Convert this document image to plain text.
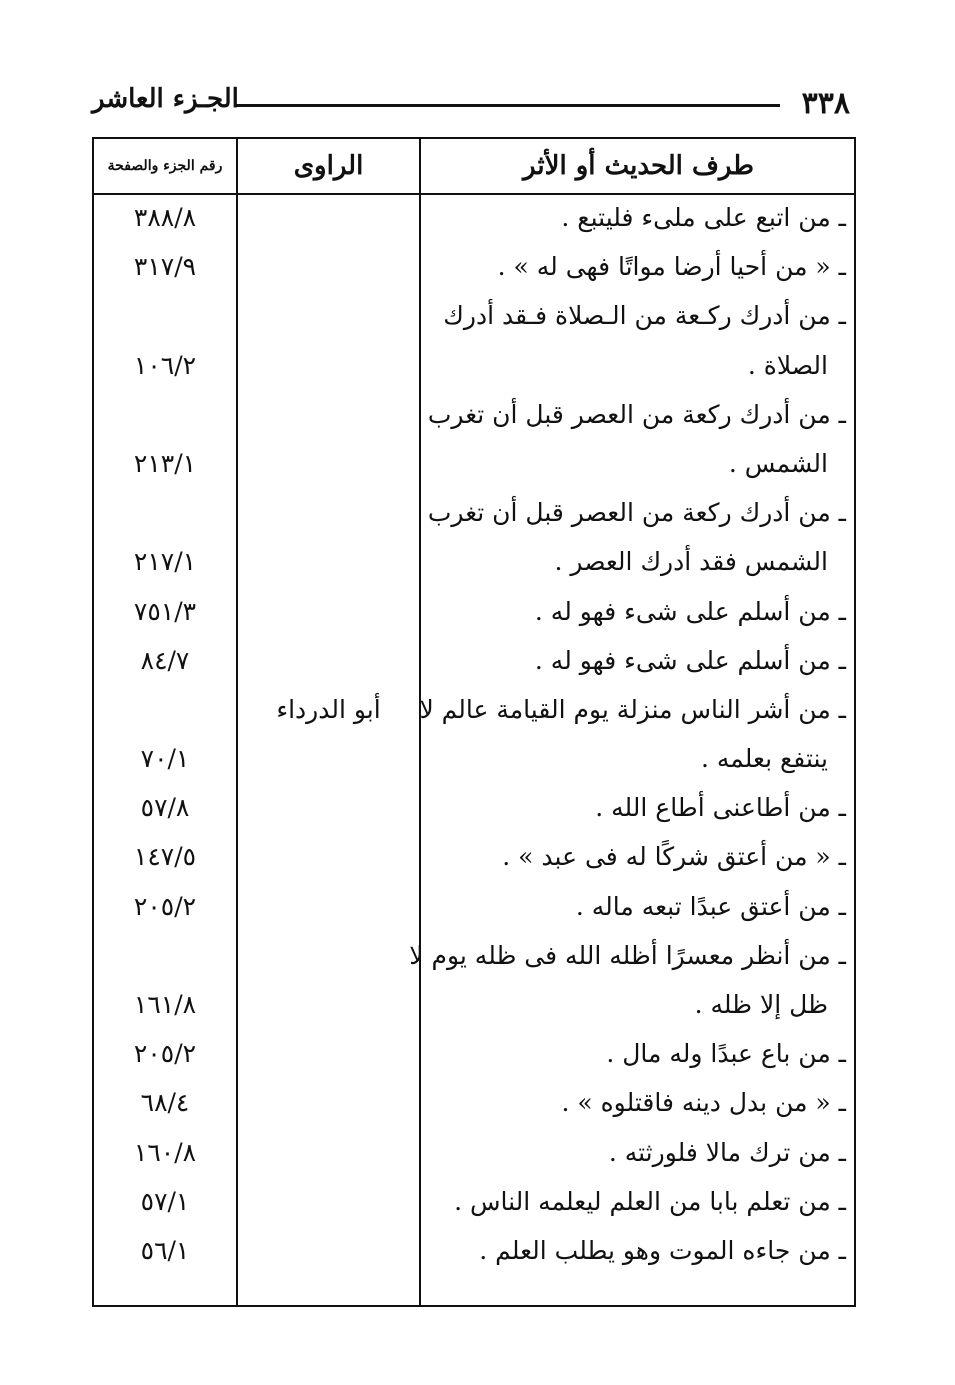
٣٣٨
الجـزء العاشر
رقم الجزء والصفحة	الراوى	طرف الحديث أو الأثر
ـ من اتبع على ملىء فليتبع .
٣٨٨/٨
ـ « من أحيا أرضا مواتًا فهى له » .
٣١٧/٩
ـ من أدرك ركـعة من الـصلاة فـقد أدرك
الصلاة .
١٠٦/٢
ـ من أدرك ركعة من العصر قبل أن تغرب
الشمس .
٢١٣/١
ـ من أدرك ركعة من العصر قبل أن تغرب
الشمس فقد أدرك العصر .
٢١٧/١
ـ من أسلم على شىء فهو له .
٧٥١/٣
ـ من أسلم على شىء فهو له .
٨٤/٧
ـ من أشر الناس منزلة يوم القيامة عالم لا
أبو الدرداء
ينتفع بعلمه .
٧٠/١
ـ من أطاعنى أطاع الله .
٥٧/٨
ـ « من أعتق شركًا له فى عبد » .
١٤٧/٥
ـ من أعتق عبدًا تبعه ماله .
٢٠٥/٢
ـ من أنظر معسرًا أظله الله فى ظله يوم لا
ظل إلا ظله .
١٦١/٨
ـ من باع عبدًا وله مال .
٢٠٥/٢
ـ « من بدل دينه فاقتلوه » .
٦٨/٤
ـ من ترك مالا فلورثته .
١٦٠/٨
ـ من تعلم بابا من العلم ليعلمه الناس .
٥٧/١
ـ من جاءه الموت وهو يطلب العلم .
٥٦/١
